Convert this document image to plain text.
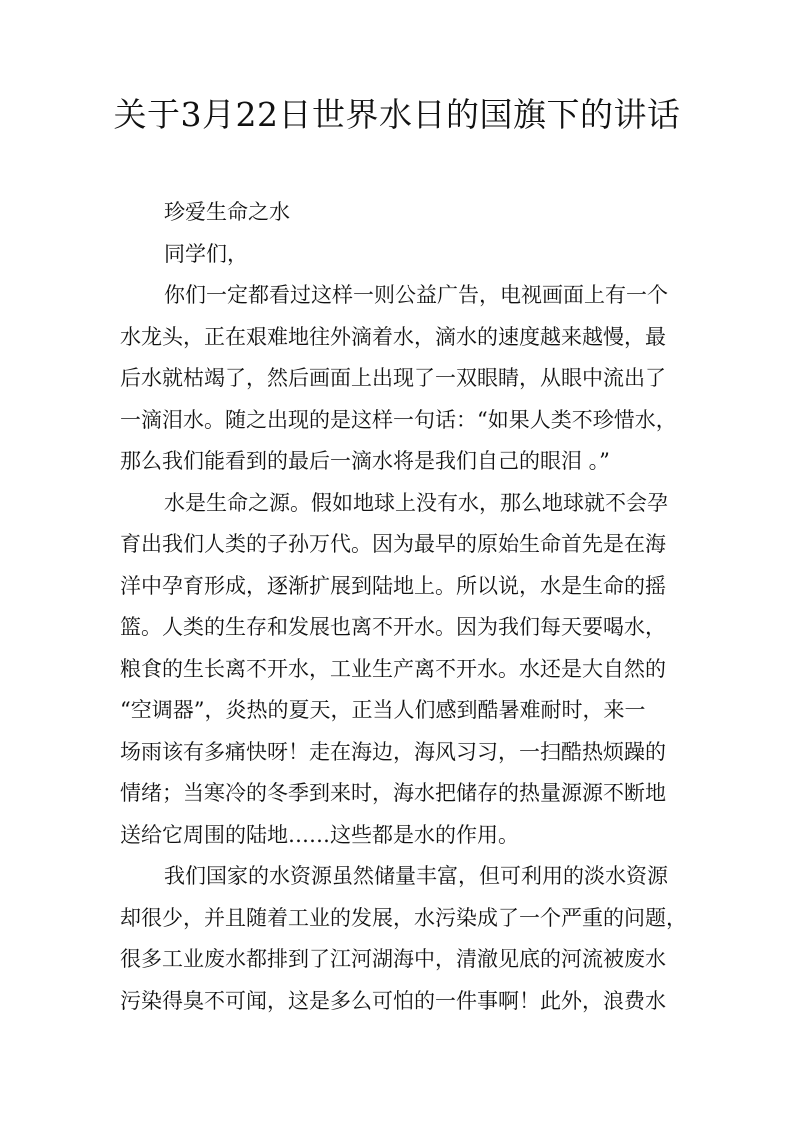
关于3月22日世界水日的国旗下的讲话
珍爱生命之水
同学们，
你们一定都看过这样一则公益广告，电视画面上有一个
水龙头，正在艰难地往外滴着水，滴水的速度越来越慢，最
后水就枯竭了，然后画面上出现了一双眼睛，从眼中流出了
一滴泪水。随之出现的是这样一句话：“如果人类不珍惜水，
那么我们能看到的最后一滴水将是我们自己的眼泪 。”
水是生命之源。假如地球上没有水，那么地球就不会孕
育出我们人类的子孙万代。因为最早的原始生命首先是在海
洋中孕育形成，逐渐扩展到陆地上。所以说，水是生命的摇
篮。人类的生存和发展也离不开水。因为我们每天要喝水，
粮食的生长离不开水，工业生产离不开水。水还是大自然的
“空调器”，炎热的夏天，正当人们感到酷暑难耐时，来一
场雨该有多痛快呀！走在海边，海风习习，一扫酷热烦躁的
情绪；当寒冷的冬季到来时，海水把储存的热量源源不断地
送给它周围的陆地……这些都是水的作用。
我们国家的水资源虽然储量丰富，但可利用的淡水资源
却很少，并且随着工业的发展，水污染成了一个严重的问题，
很多工业废水都排到了江河湖海中，清澈见底的河流被废水
污染得臭不可闻，这是多么可怕的一件事啊！此外，浪费水
